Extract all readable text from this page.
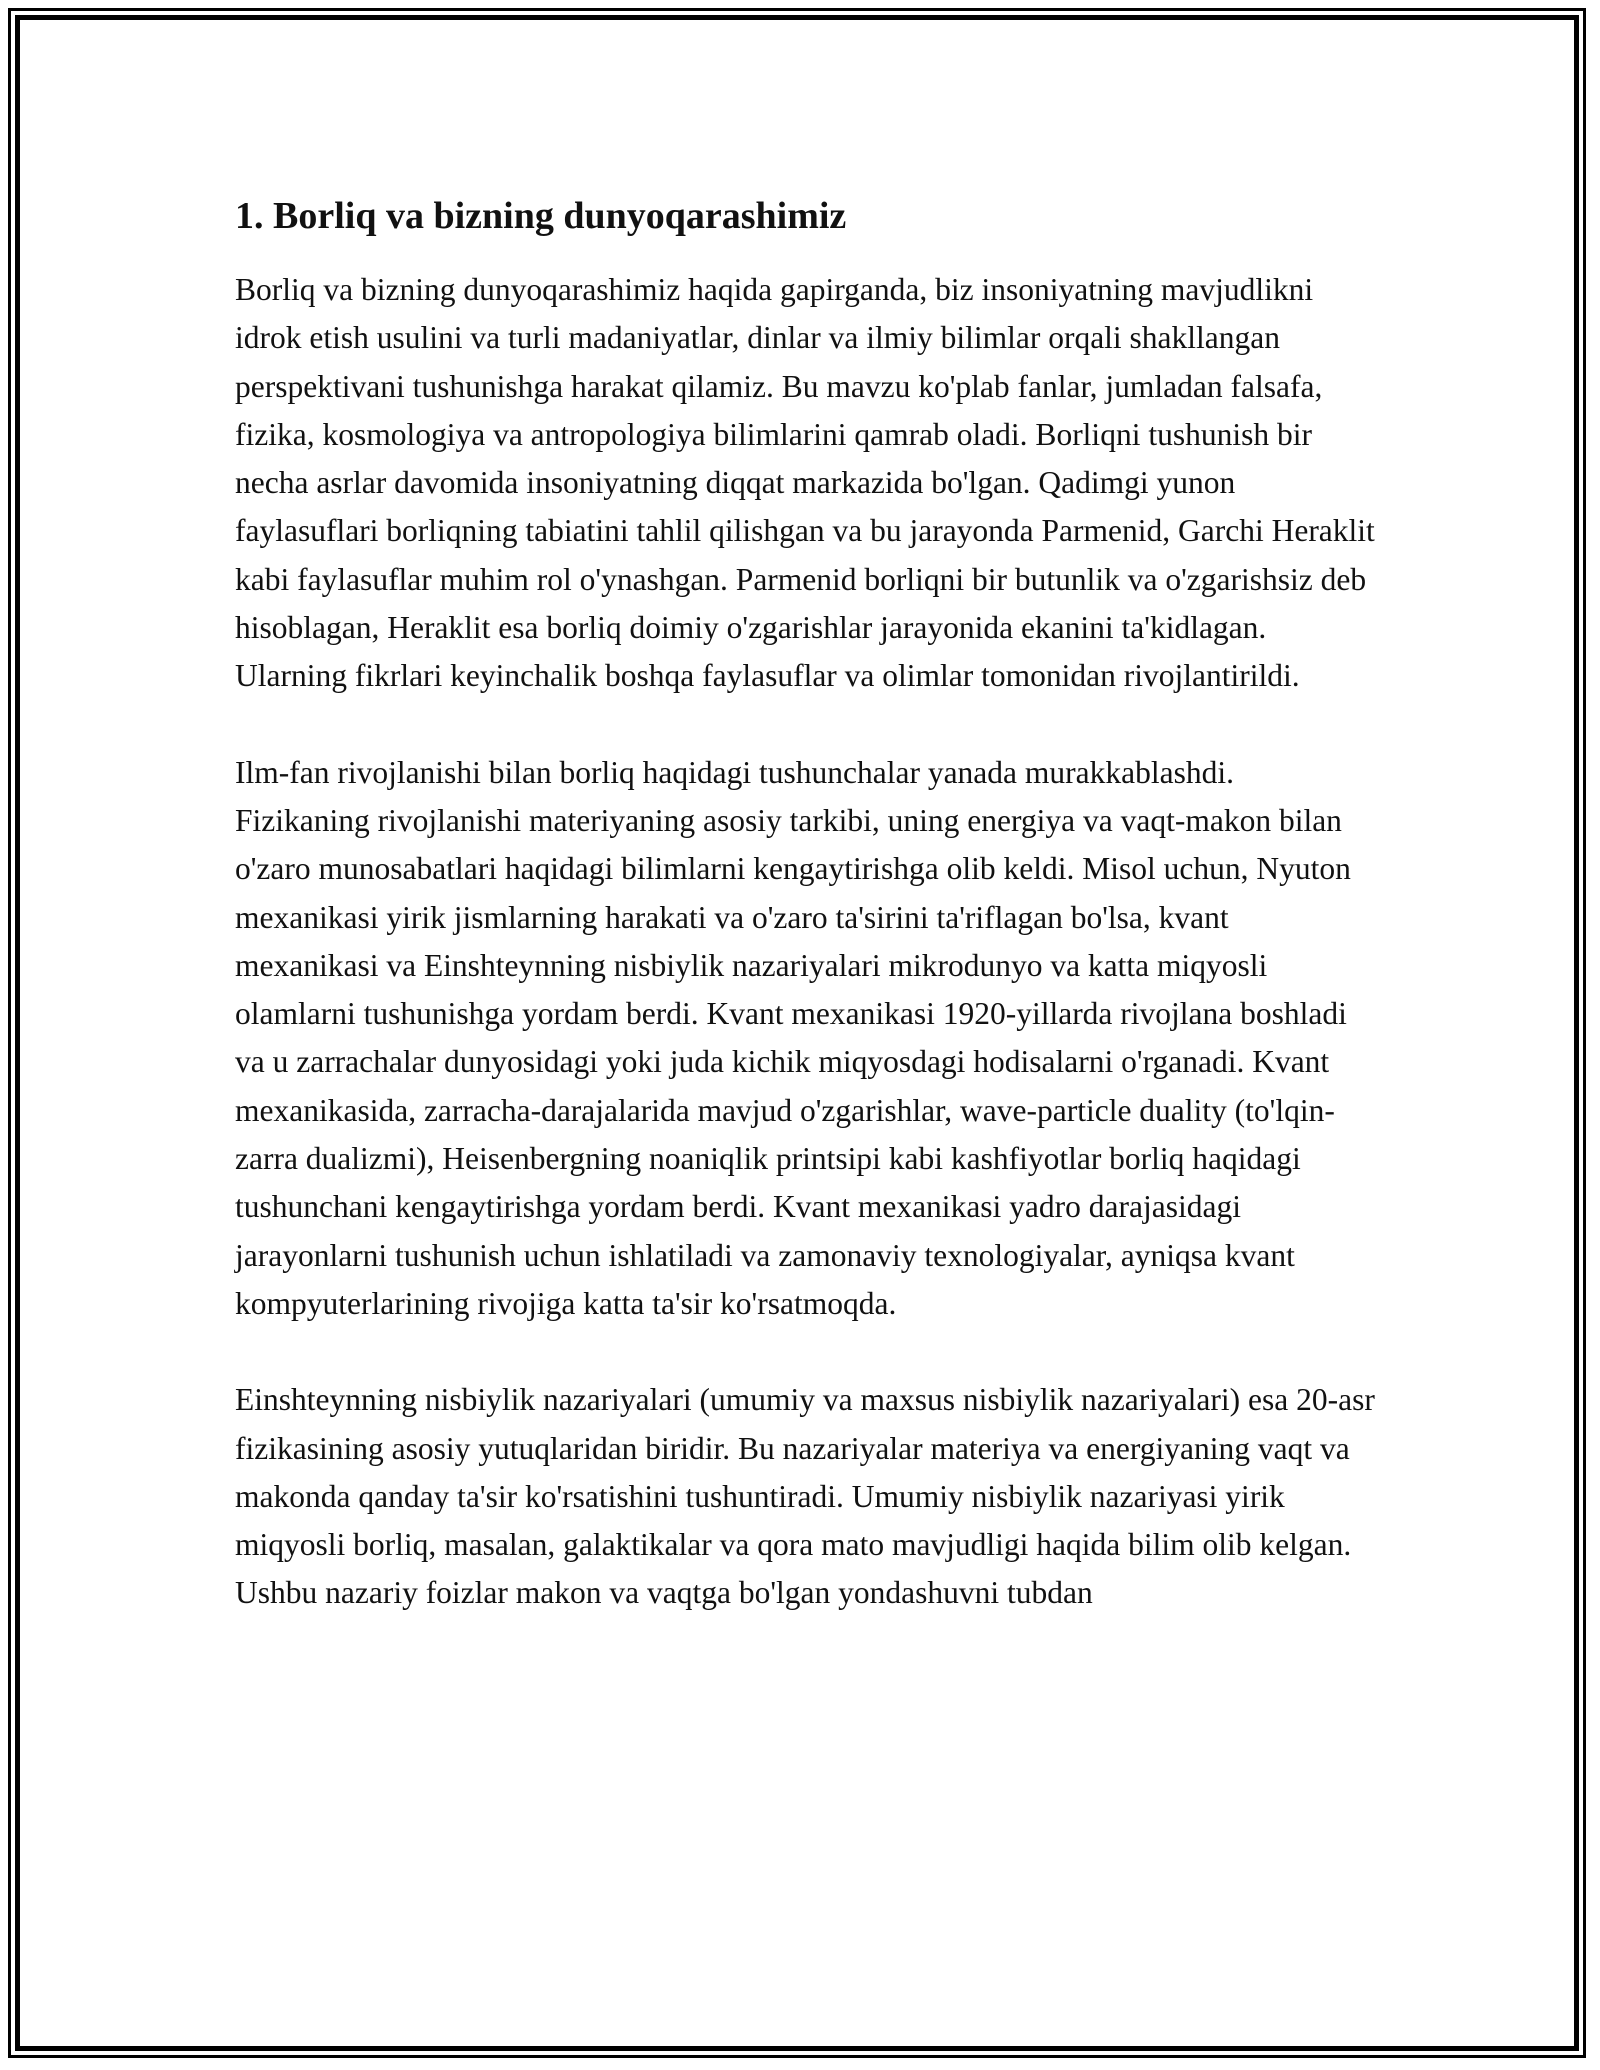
1. Borliq va bizning dunyoqarashimiz

Borliq va bizning dunyoqarashimiz haqida gapirganda, biz insoniyatning mavjudlikni idrok etish usulini va turli madaniyatlar, dinlar va ilmiy bilimlar orqali shakllangan perspektivani tushunishga harakat qilamiz. Bu mavzu ko'plab fanlar, jumladan falsafa, fizika, kosmologiya va antropologiya bilimlarini qamrab oladi. Borliqni tushunish bir necha asrlar davomida insoniyatning diqqat markazida bo'lgan. Qadimgi yunon faylasuflari borliqning tabiatini tahlil qilishgan va bu jarayonda Parmenid, Garchi Heraklit kabi faylasuflar muhim rol o'ynashgan. Parmenid borliqni bir butunlik va o'zgarishsiz deb hisoblagan, Heraklit esa borliq doimiy o'zgarishlar jarayonida ekanini ta'kidlagan. Ularning fikrlari keyinchalik boshqa faylasuflar va olimlar tomonidan rivojlantirildi.

Ilm-fan rivojlanishi bilan borliq haqidagi tushunchalar yanada murakkablashdi. Fizikaning rivojlanishi materiyaning asosiy tarkibi, uning energiya va vaqt-makon bilan o'zaro munosabatlari haqidagi bilimlarni kengaytirishga olib keldi. Misol uchun, Nyuton mexanikasi yirik jismlarning harakati va o'zaro ta'sirini ta'riflagan bo'lsa, kvant mexanikasi va Einshteynning nisbiylik nazariyalari mikrodunyo va katta miqyosli olamlarni tushunishga yordam berdi. Kvant mexanikasi 1920-yillarda rivojlana boshladi va u zarrachalar dunyosidagi yoki juda kichik miqyosdagi hodisalarni o'rganadi. Kvant mexanikasida, zarracha-darajalarida mavjud o'zgarishlar, wave-particle duality (to'lqin-zarra dualizmi), Heisenbergning noaniqlik printsipi kabi kashfiyotlar borliq haqidagi tushunchani kengaytirishga yordam berdi. Kvant mexanikasi yadro darajasidagi jarayonlarni tushunish uchun ishlatiladi va zamonaviy texnologiyalar, ayniqsa kvant kompyuterlarining rivojiga katta ta'sir ko'rsatmoqda.

Einshteynning nisbiylik nazariyalari (umumiy va maxsus nisbiylik nazariyalari) esa 20-asr fizikasining asosiy yutuqlaridan biridir. Bu nazariyalar materiya va energiyaning vaqt va makonda qanday ta'sir ko'rsatishini tushuntiradi. Umumiy nisbiylik nazariyasi yirik miqyosli borliq, masalan, galaktikalar va qora mato mavjudligi haqida bilim olib kelgan. Ushbu nazariy foizlar makon va vaqtga bo'lgan yondashuvni tubdan
